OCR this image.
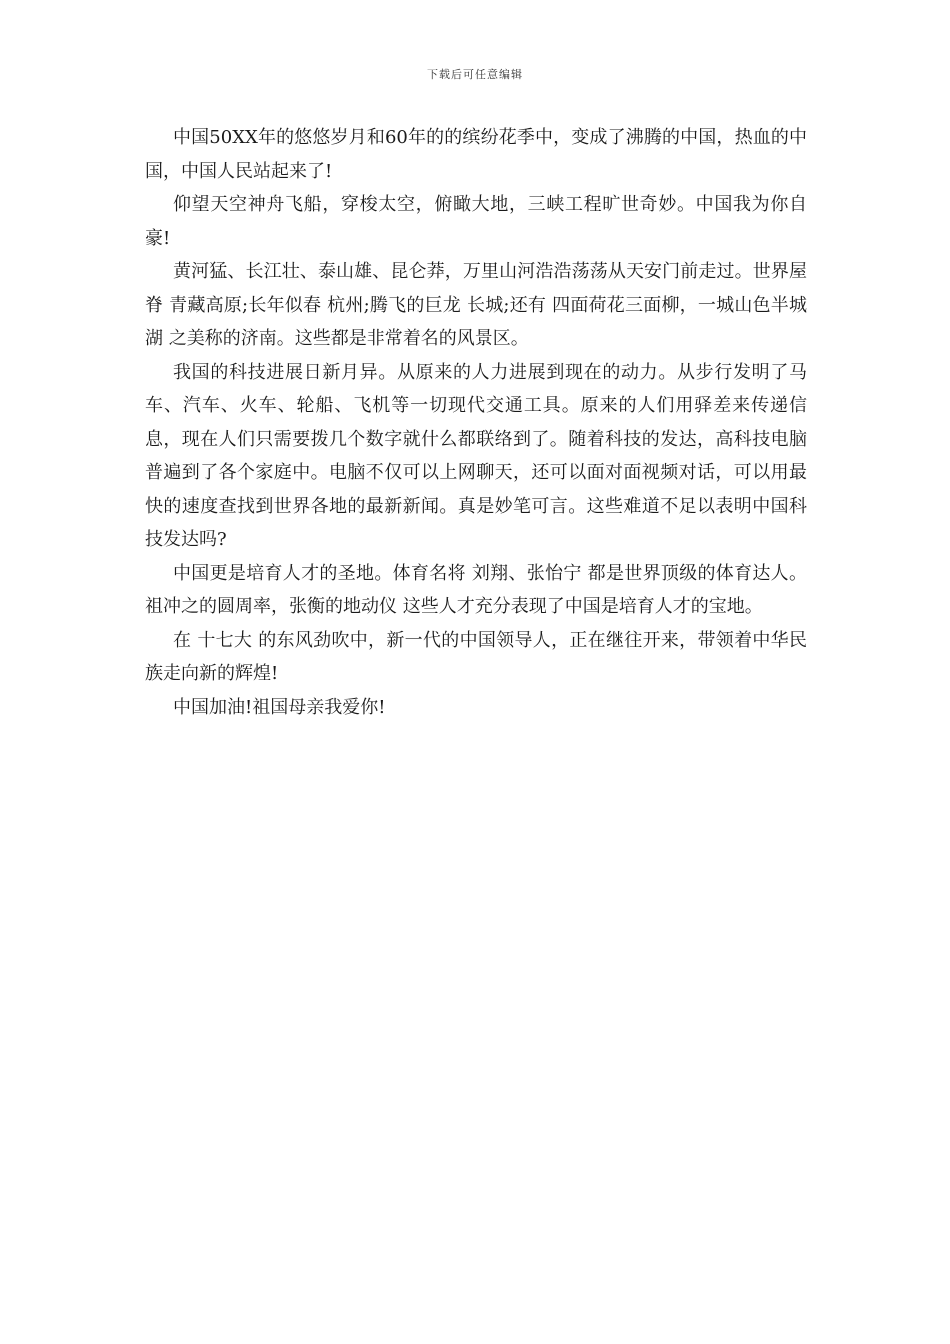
下载后可任意编辑

中国50XX年的悠悠岁月和60年的的缤纷花季中，变成了沸腾的中国，热血的中国，中国人民站起来了!

仰望天空神舟飞船，穿梭太空，俯瞰大地，三峡工程旷世奇妙。中国我为你自豪!

黄河猛、长江壮、泰山雄、昆仑莽，万里山河浩浩荡荡从天安门前走过。世界屋脊 青藏高原;长年似春 杭州;腾飞的巨龙 长城;还有 四面荷花三面柳，一城山色半城湖 之美称的济南。这些都是非常着名的风景区。

我国的科技进展日新月异。从原来的人力进展到现在的动力。从步行发明了马车、汽车、火车、轮船、飞机等一切现代交通工具。原来的人们用驿差来传递信息，现在人们只需要拨几个数字就什么都联络到了。随着科技的发达，高科技电脑普遍到了各个家庭中。电脑不仅可以上网聊天，还可以面对面视频对话，可以用最快的速度查找到世界各地的最新新闻。真是妙笔可言。这些难道不足以表明中国科技发达吗?

中国更是培育人才的圣地。体育名将 刘翔、张怡宁 都是世界顶级的体育达人。祖冲之的圆周率，张衡的地动仪 这些人才充分表现了中国是培育人才的宝地。

在 十七大 的东风劲吹中，新一代的中国领导人，正在继往开来，带领着中华民族走向新的辉煌!

中国加油!祖国母亲我爱你!
